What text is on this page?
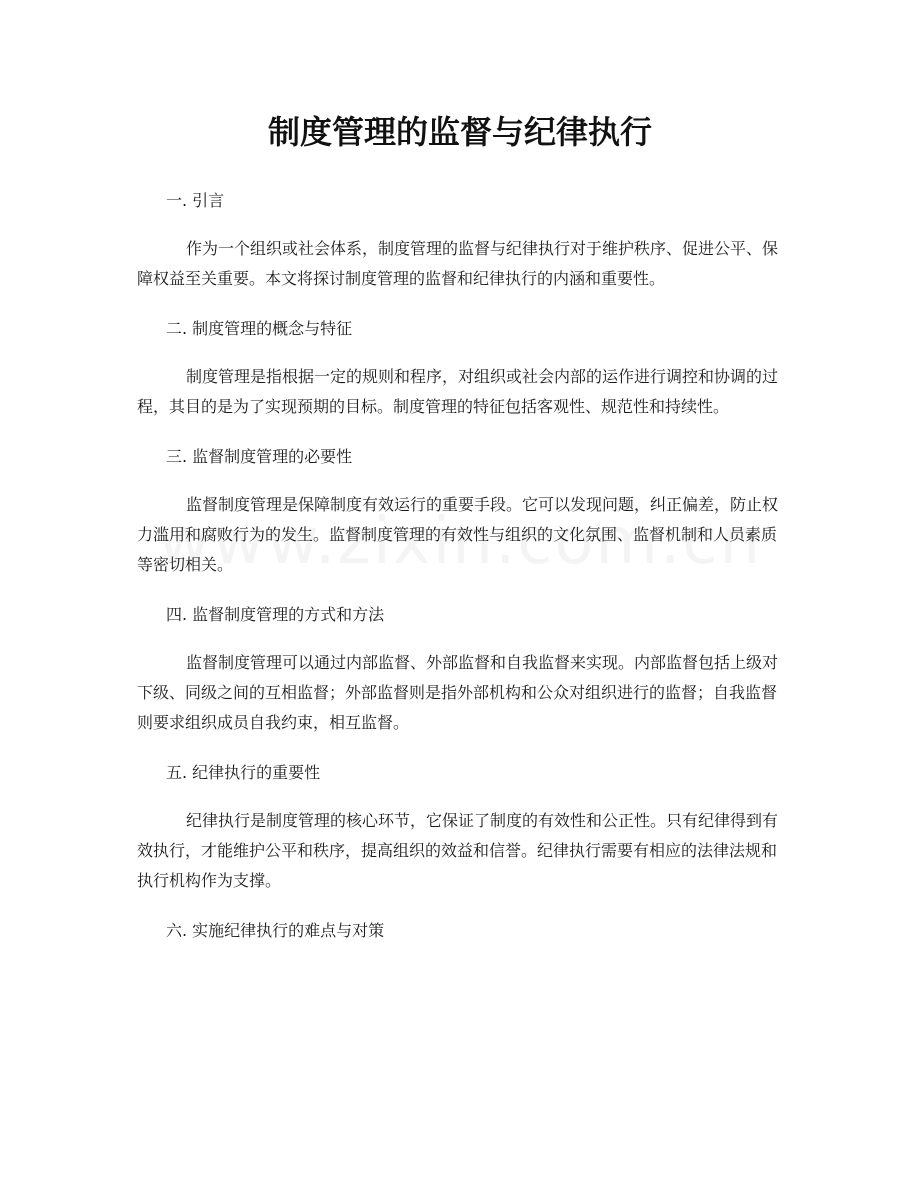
制度管理的监督与纪律执行

一. 引言

作为一个组织或社会体系，制度管理的监督与纪律执行对于维护秩序、促进公平、保障权益至关重要。本文将探讨制度管理的监督和纪律执行的内涵和重要性。

二. 制度管理的概念与特征

制度管理是指根据一定的规则和程序，对组织或社会内部的运作进行调控和协调的过程，其目的是为了实现预期的目标。制度管理的特征包括客观性、规范性和持续性。

三. 监督制度管理的必要性

监督制度管理是保障制度有效运行的重要手段。它可以发现问题，纠正偏差，防止权力滥用和腐败行为的发生。监督制度管理的有效性与组织的文化氛围、监督机制和人员素质等密切相关。

四. 监督制度管理的方式和方法

监督制度管理可以通过内部监督、外部监督和自我监督来实现。内部监督包括上级对下级、同级之间的互相监督；外部监督则是指外部机构和公众对组织进行的监督；自我监督则要求组织成员自我约束，相互监督。

五. 纪律执行的重要性

纪律执行是制度管理的核心环节，它保证了制度的有效性和公正性。只有纪律得到有效执行，才能维护公平和秩序，提高组织的效益和信誉。纪律执行需要有相应的法律法规和执行机构作为支撑。

六. 实施纪律执行的难点与对策
